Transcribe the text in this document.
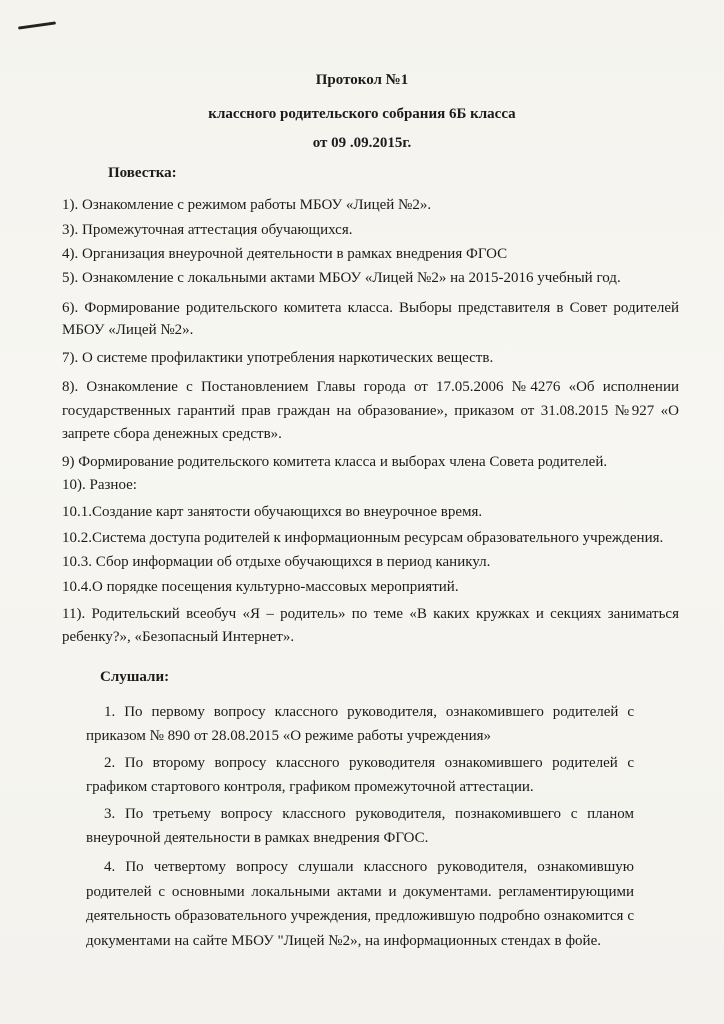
Протокол №1
классного родительского собрания 6Б класса
от 09 .09.2015г.
Повестка:
1). Ознакомление с режимом работы МБОУ «Лицей №2».
3). Промежуточная аттестация обучающихся.
4). Организация внеурочной деятельности в рамках внедрения ФГОС
5). Ознакомление с локальными актами МБОУ «Лицей №2» на 2015-2016 учебный год.
6). Формирование родительского комитета класса. Выборы представителя в Совет родителей
МБОУ «Лицей №2».
7). О системе профилактики употребления наркотических веществ.
8). Ознакомление с Постановлением Главы города от 17.05.2006 №4276 «Об исполнении
государственных гарантий прав граждан на образование», приказом от 31.08.2015 №927 «О
запрете сбора денежных средств».
9) Формирование родительского комитета класса и выборах члена Совета родителей.
10). Разное:
10.1.Создание карт занятости обучающихся во внеурочное время.
10.2.Система доступа родителей к информационным ресурсам образовательного учреждения.
10.3. Сбор информации об отдыхе обучающихся в период каникул.
10.4.О порядке посещения культурно-массовых мероприятий.
11). Родительский всеобуч «Я – родитель» по теме «В каких кружках и секциях заниматься
ребенку?», «Безопасный Интернет».
Слушали:
1. По первому вопросу классного руководителя, ознакомившего родителей с
приказом № 890 от 28.08.2015 «О режиме работы учреждения»
2. По второму вопросу классного руководителя ознакомившего родителей с
графиком стартового контроля, графиком промежуточной аттестации.
3. По третьему вопросу классного руководителя, познакомившего с планом
внеурочной деятельности в рамках внедрения ФГОС.
4. По четвертому вопросу слушали классного руководителя, ознакомившую
родителей с основными локальными актами и документами. регламентирующими
деятельность образовательного учреждения, предложившую подробно ознакомится с
документами на сайте МБОУ "Лицей №2», на информационных стендах в фойе.
